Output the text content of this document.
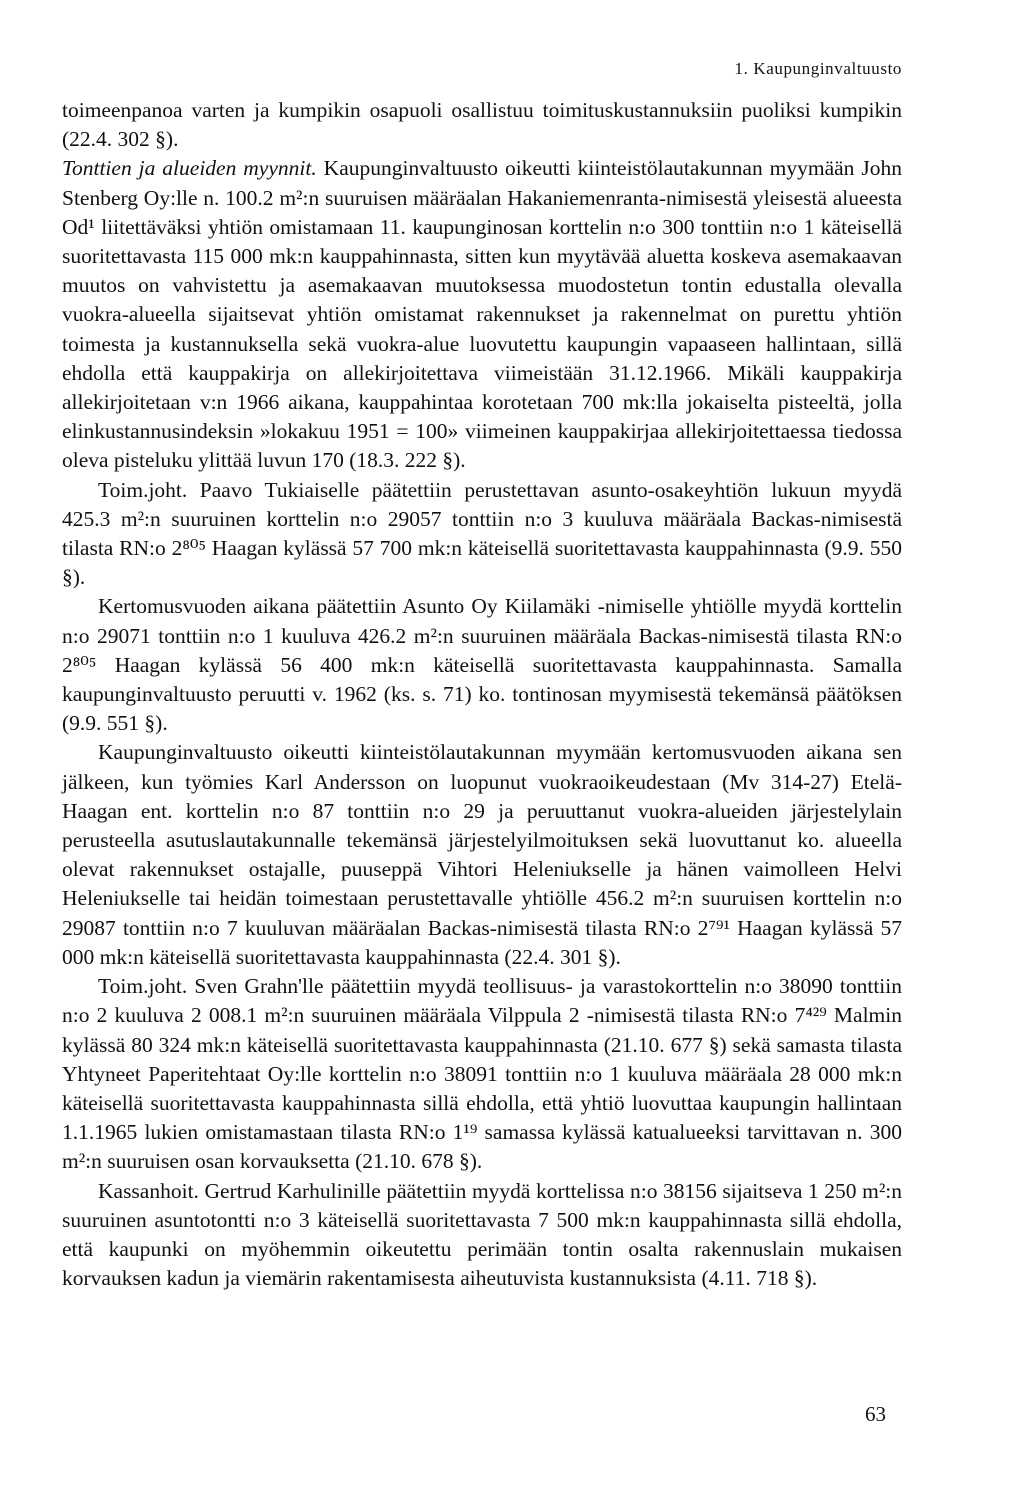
1. Kaupunginvaltuusto

toimeenpanoa varten ja kumpikin osapuoli osallistuu toimituskustannuksiin puoliksi kumpikin (22.4. 302 §).

Tonttien ja alueiden myynnit. Kaupunginvaltuusto oikeutti kiinteistölautakunnan myymään John Stenberg Oy:lle n. 100.2 m²:n suuruisen määräalan Hakaniemenranta-nimisestä yleisestä alueesta Od¹ liitettäväksi yhtiön omistamaan 11. kaupunginosan korttelin n:o 300 tonttiin n:o 1 käteisellä suoritettavasta 115 000 mk:n kauppahinnasta, sitten kun myytävää aluetta koskeva asemakaavan muutos on vahvistettu ja asemakaavan muutoksessa muodostetun tontin edustalla olevalla vuokra-alueella sijaitsevat yhtiön omistamat rakennukset ja rakennelmat on purettu yhtiön toimesta ja kustannuksella sekä vuokra-alue luovutettu kaupungin vapaaseen hallintaan, sillä ehdolla että kauppakirja on allekirjoitettava viimeistään 31.12.1966. Mikäli kauppakirja allekirjoitetaan v:n 1966 aikana, kauppahintaa korotetaan 700 mk:lla jokaiselta pisteeltä, jolla elinkustannusindeksin »lokakuu 1951 = 100» viimeinen kauppakirjaa allekirjoitettaessa tiedossa oleva pisteluku ylittää luvun 170 (18.3. 222 §).

Toim.joht. Paavo Tukiaiselle päätettiin perustettavan asunto-osakeyhtiön lukuun myydä 425.3 m²:n suuruinen korttelin n:o 29057 tonttiin n:o 3 kuuluva määräala Backas-nimisestä tilasta RN:o 2⁸⁰⁵ Haagan kylässä 57 700 mk:n käteisellä suoritettavasta kauppahinnasta (9.9. 550 §).

Kertomusvuoden aikana päätettiin Asunto Oy Kiilamäki -nimiselle yhtiölle myydä korttelin n:o 29071 tonttiin n:o 1 kuuluva 426.2 m²:n suuruinen määräala Backas-nimisestä tilasta RN:o 2⁸⁰⁵ Haagan kylässä 56 400 mk:n käteisellä suoritettavasta kauppahinnasta. Samalla kaupunginvaltuusto peruutti v. 1962 (ks. s. 71) ko. tontinosan myymisestä tekemänsä päätöksen (9.9. 551 §).

Kaupunginvaltuusto oikeutti kiinteistölautakunnan myymään kertomusvuoden aikana sen jälkeen, kun työmies Karl Andersson on luopunut vuokraoikeudestaan (Mv 314-27) Etelä-Haagan ent. korttelin n:o 87 tonttiin n:o 29 ja peruuttanut vuokra-alueiden järjestelylain perusteella asutuslautakunnalle tekemänsä järjestelyilmoituksen sekä luovuttanut ko. alueella olevat rakennukset ostajalle, puuseppä Vihtori Heleniukselle ja hänen vaimolleen Helvi Heleniukselle tai heidän toimestaan perustettavalle yhtiölle 456.2 m²:n suuruisen korttelin n:o 29087 tonttiin n:o 7 kuuluvan määräalan Backas-nimisestä tilasta RN:o 2⁷⁹¹ Haagan kylässä 57 000 mk:n käteisellä suoritettavasta kauppahinnasta (22.4. 301 §).

Toim.joht. Sven Grahn'lle päätettiin myydä teollisuus- ja varastokorttelin n:o 38090 tonttiin n:o 2 kuuluva 2 008.1 m²:n suuruinen määräala Vilppula 2 -nimisestä tilasta RN:o 7⁴²⁹ Malmin kylässä 80 324 mk:n käteisellä suoritettavasta kauppahinnasta (21.10. 677 §) sekä samasta tilasta Yhtyneet Paperitehtaat Oy:lle korttelin n:o 38091 tonttiin n:o 1 kuuluva määräala 28 000 mk:n käteisellä suoritettavasta kauppahinnasta sillä ehdolla, että yhtiö luovuttaa kaupungin hallintaan 1.1.1965 lukien omistamastaan tilasta RN:o 1¹⁹ samassa kylässä katualueeksi tarvittavan n. 300 m²:n suuruisen osan korvauksetta (21.10. 678 §).

Kassanhoit. Gertrud Karhulinille päätettiin myydä korttelissa n:o 38156 sijaitseva 1 250 m²:n suuruinen asuntotontti n:o 3 käteisellä suoritettavasta 7 500 mk:n kauppahinnasta sillä ehdolla, että kaupunki on myöhemmin oikeutettu perimään tontin osalta rakennuslain mukaisen korvauksen kadun ja viemärin rakentamisesta aiheutuvista kustannuksista (4.11. 718 §).

63
